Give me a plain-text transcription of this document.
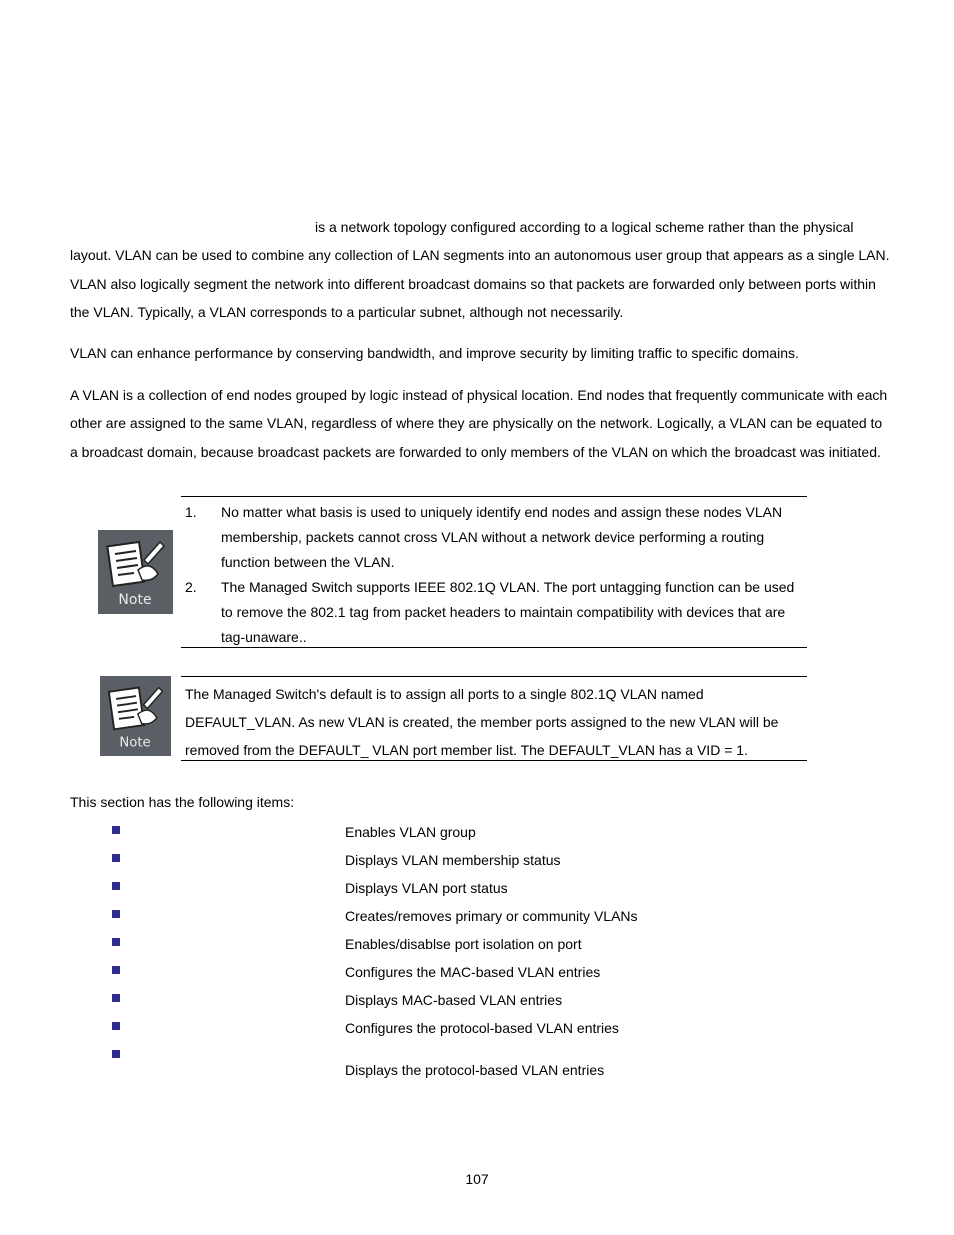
is a network topology configured according to a logical scheme rather than the physical layout. VLAN can be used to combine any collection of LAN segments into an autonomous user group that appears as a single LAN. VLAN also logically segment the network into different broadcast domains so that packets are forwarded only between ports within the VLAN. Typically, a VLAN corresponds to a particular subnet, although not necessarily.

VLAN can enhance performance by conserving bandwidth, and improve security by limiting traffic to specific domains.

A VLAN is a collection of end nodes grouped by logic instead of physical location. End nodes that frequently communicate with each other are assigned to the same VLAN, regardless of where they are physically on the network. Logically, a VLAN can be equated to a broadcast domain, because broadcast packets are forwarded to only members of the VLAN on which the broadcast was initiated.

Note
1. No matter what basis is used to uniquely identify end nodes and assign these nodes VLAN membership, packets cannot cross VLAN without a network device performing a routing function between the VLAN.
2. The Managed Switch supports IEEE 802.1Q VLAN. The port untagging function can be used to remove the 802.1 tag from packet headers to maintain compatibility with devices that are tag-unaware..
Note
The Managed Switch's default is to assign all ports to a single 802.1Q VLAN named DEFAULT_VLAN. As new VLAN is created, the member ports assigned to the new VLAN will be removed from the DEFAULT_ VLAN port member list. The DEFAULT_VLAN has a VID = 1.
This section has the following items:
Enables VLAN group
Displays VLAN membership status
Displays VLAN port status
Creates/removes primary or community VLANs
Enables/disablse port isolation on port
Configures the MAC-based VLAN entries
Displays MAC-based VLAN entries
Configures the protocol-based VLAN entries
Displays the protocol-based VLAN entries
107
